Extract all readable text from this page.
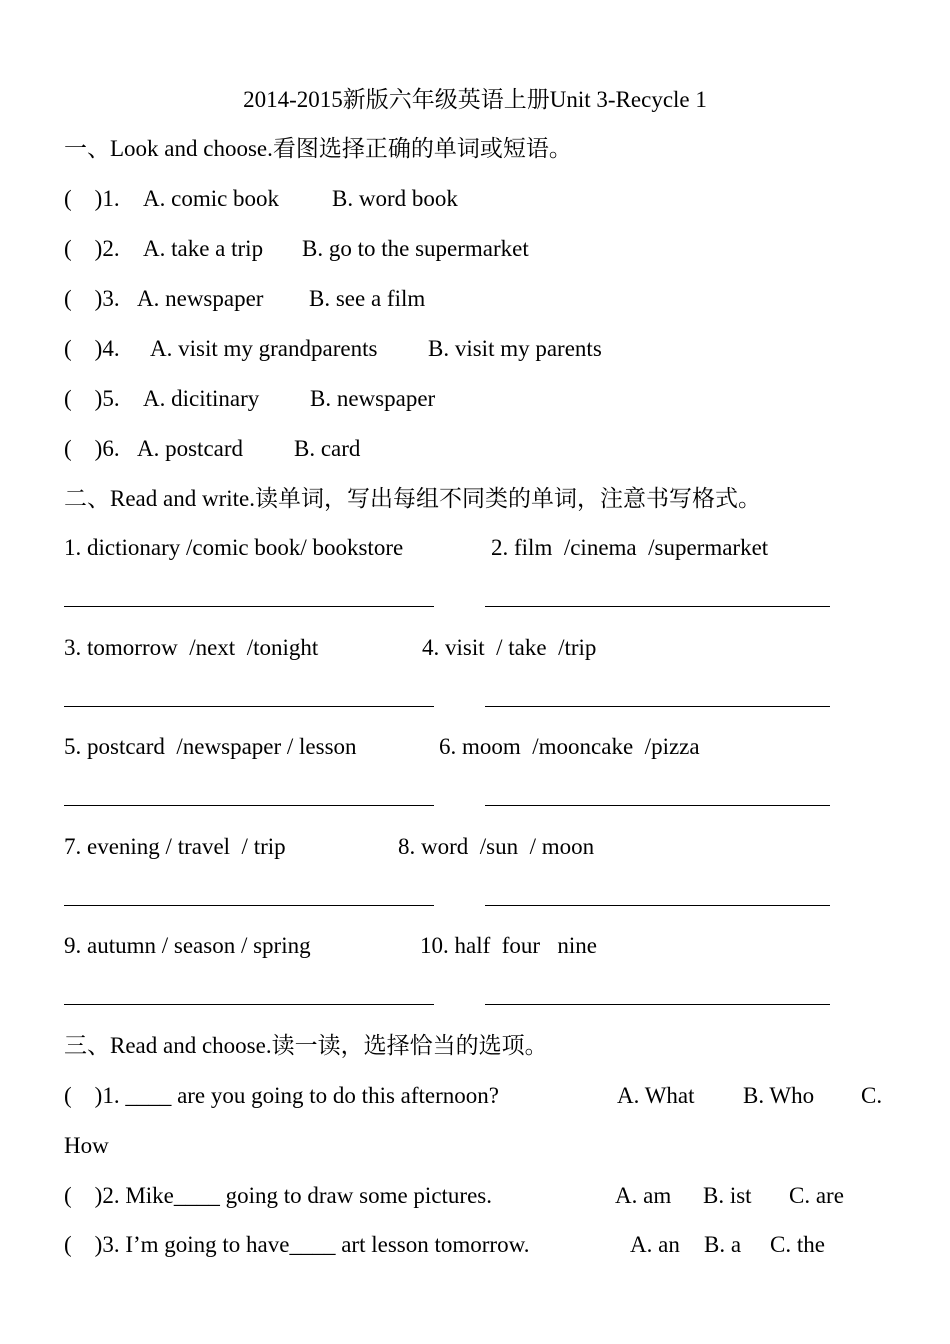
2014-2015新版六年级英语上册Unit 3-Recycle 1
一、Look and choose.看图选择正确的单词或短语。
(    )1. A. comic book B. word book
(    )2. A. take a trip B. go to the supermarket
(    )3. A. newspaper B. see a film
(    )4. A. visit my grandparents B. visit my parents
(    )5. A. dicitinary B. newspaper
(    )6. A. postcard B. card
二、Read and write.读单词，写出每组不同类的单词，注意书写格式。
1. dictionary /comic book/ bookstore	2. film  /cinema  /supermarket
3. tomorrow  /next  /tonight	4. visit  / take  /trip
5. postcard  /newspaper / lesson	6. moom  /mooncake  /pizza
7. evening / travel  / trip	8. word  /sun  / moon
9. autumn / season / spring	10. half  four   nine
三、Read and choose.读一读，选择恰当的选项。
(    )1. ____ are you going to do this afternoon?	A. What B. Who C.
How
(    )2. Mike____ going to draw some pictures.	A. am B. ist C. are
(    )3. I’m going to have____ art lesson tomorrow.	A. an B. a C. the
